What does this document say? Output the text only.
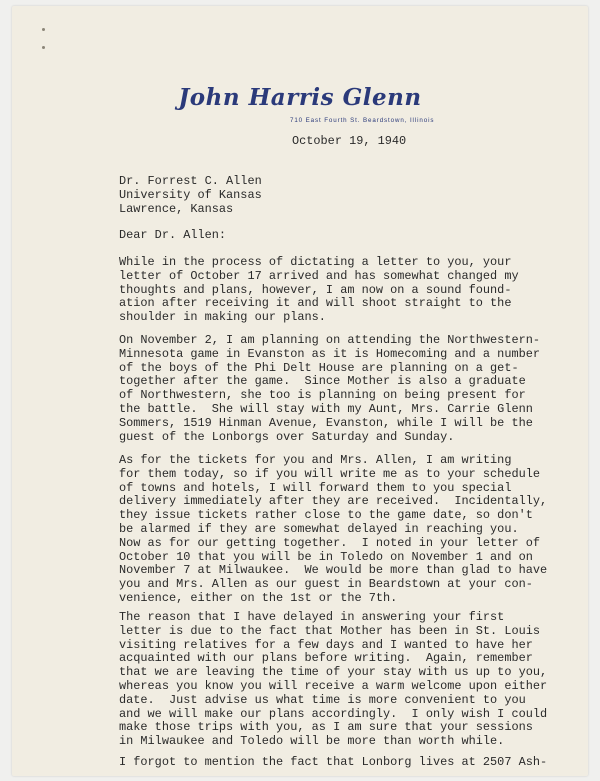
John Harris Glenn
710 East Fourth St. Beardstown, Illinois
October 19, 1940
Dr. Forrest C. Allen
University of Kansas
Lawrence, Kansas
Dear Dr. Allen:
While in the process of dictating a letter to you, your
letter of October 17 arrived and has somewhat changed my
thoughts and plans, however, I am now on a sound found-
ation after receiving it and will shoot straight to the
shoulder in making our plans.
On November 2, I am planning on attending the Northwestern-
Minnesota game in Evanston as it is Homecoming and a number
of the boys of the Phi Delt House are planning on a get-
together after the game.  Since Mother is also a graduate
of Northwestern, she too is planning on being present for
the battle.  She will stay with my Aunt, Mrs. Carrie Glenn
Sommers, 1519 Hinman Avenue, Evanston, while I will be the
guest of the Lonborgs over Saturday and Sunday.
As for the tickets for you and Mrs. Allen, I am writing
for them today, so if you will write me as to your schedule
of towns and hotels, I will forward them to you special
delivery immediately after they are received.  Incidentally,
they issue tickets rather close to the game date, so don't
be alarmed if they are somewhat delayed in reaching you.
Now as for our getting together.  I noted in your letter of
October 10 that you will be in Toledo on November 1 and on
November 7 at Milwaukee.  We would be more than glad to have
you and Mrs. Allen as our guest in Beardstown at your con-
venience, either on the 1st or the 7th.
The reason that I have delayed in answering your first
letter is due to the fact that Mother has been in St. Louis
visiting relatives for a few days and I wanted to have her
acquainted with our plans before writing.  Again, remember
that we are leaving the time of your stay with us up to you,
whereas you know you will receive a warm welcome upon either
date.  Just advise us what time is more convenient to you
and we will make our plans accordingly.  I only wish I could
make those trips with you, as I am sure that your sessions
in Milwaukee and Toledo will be more than worth while.
I forgot to mention the fact that Lonborg lives at 2507 Ash-
